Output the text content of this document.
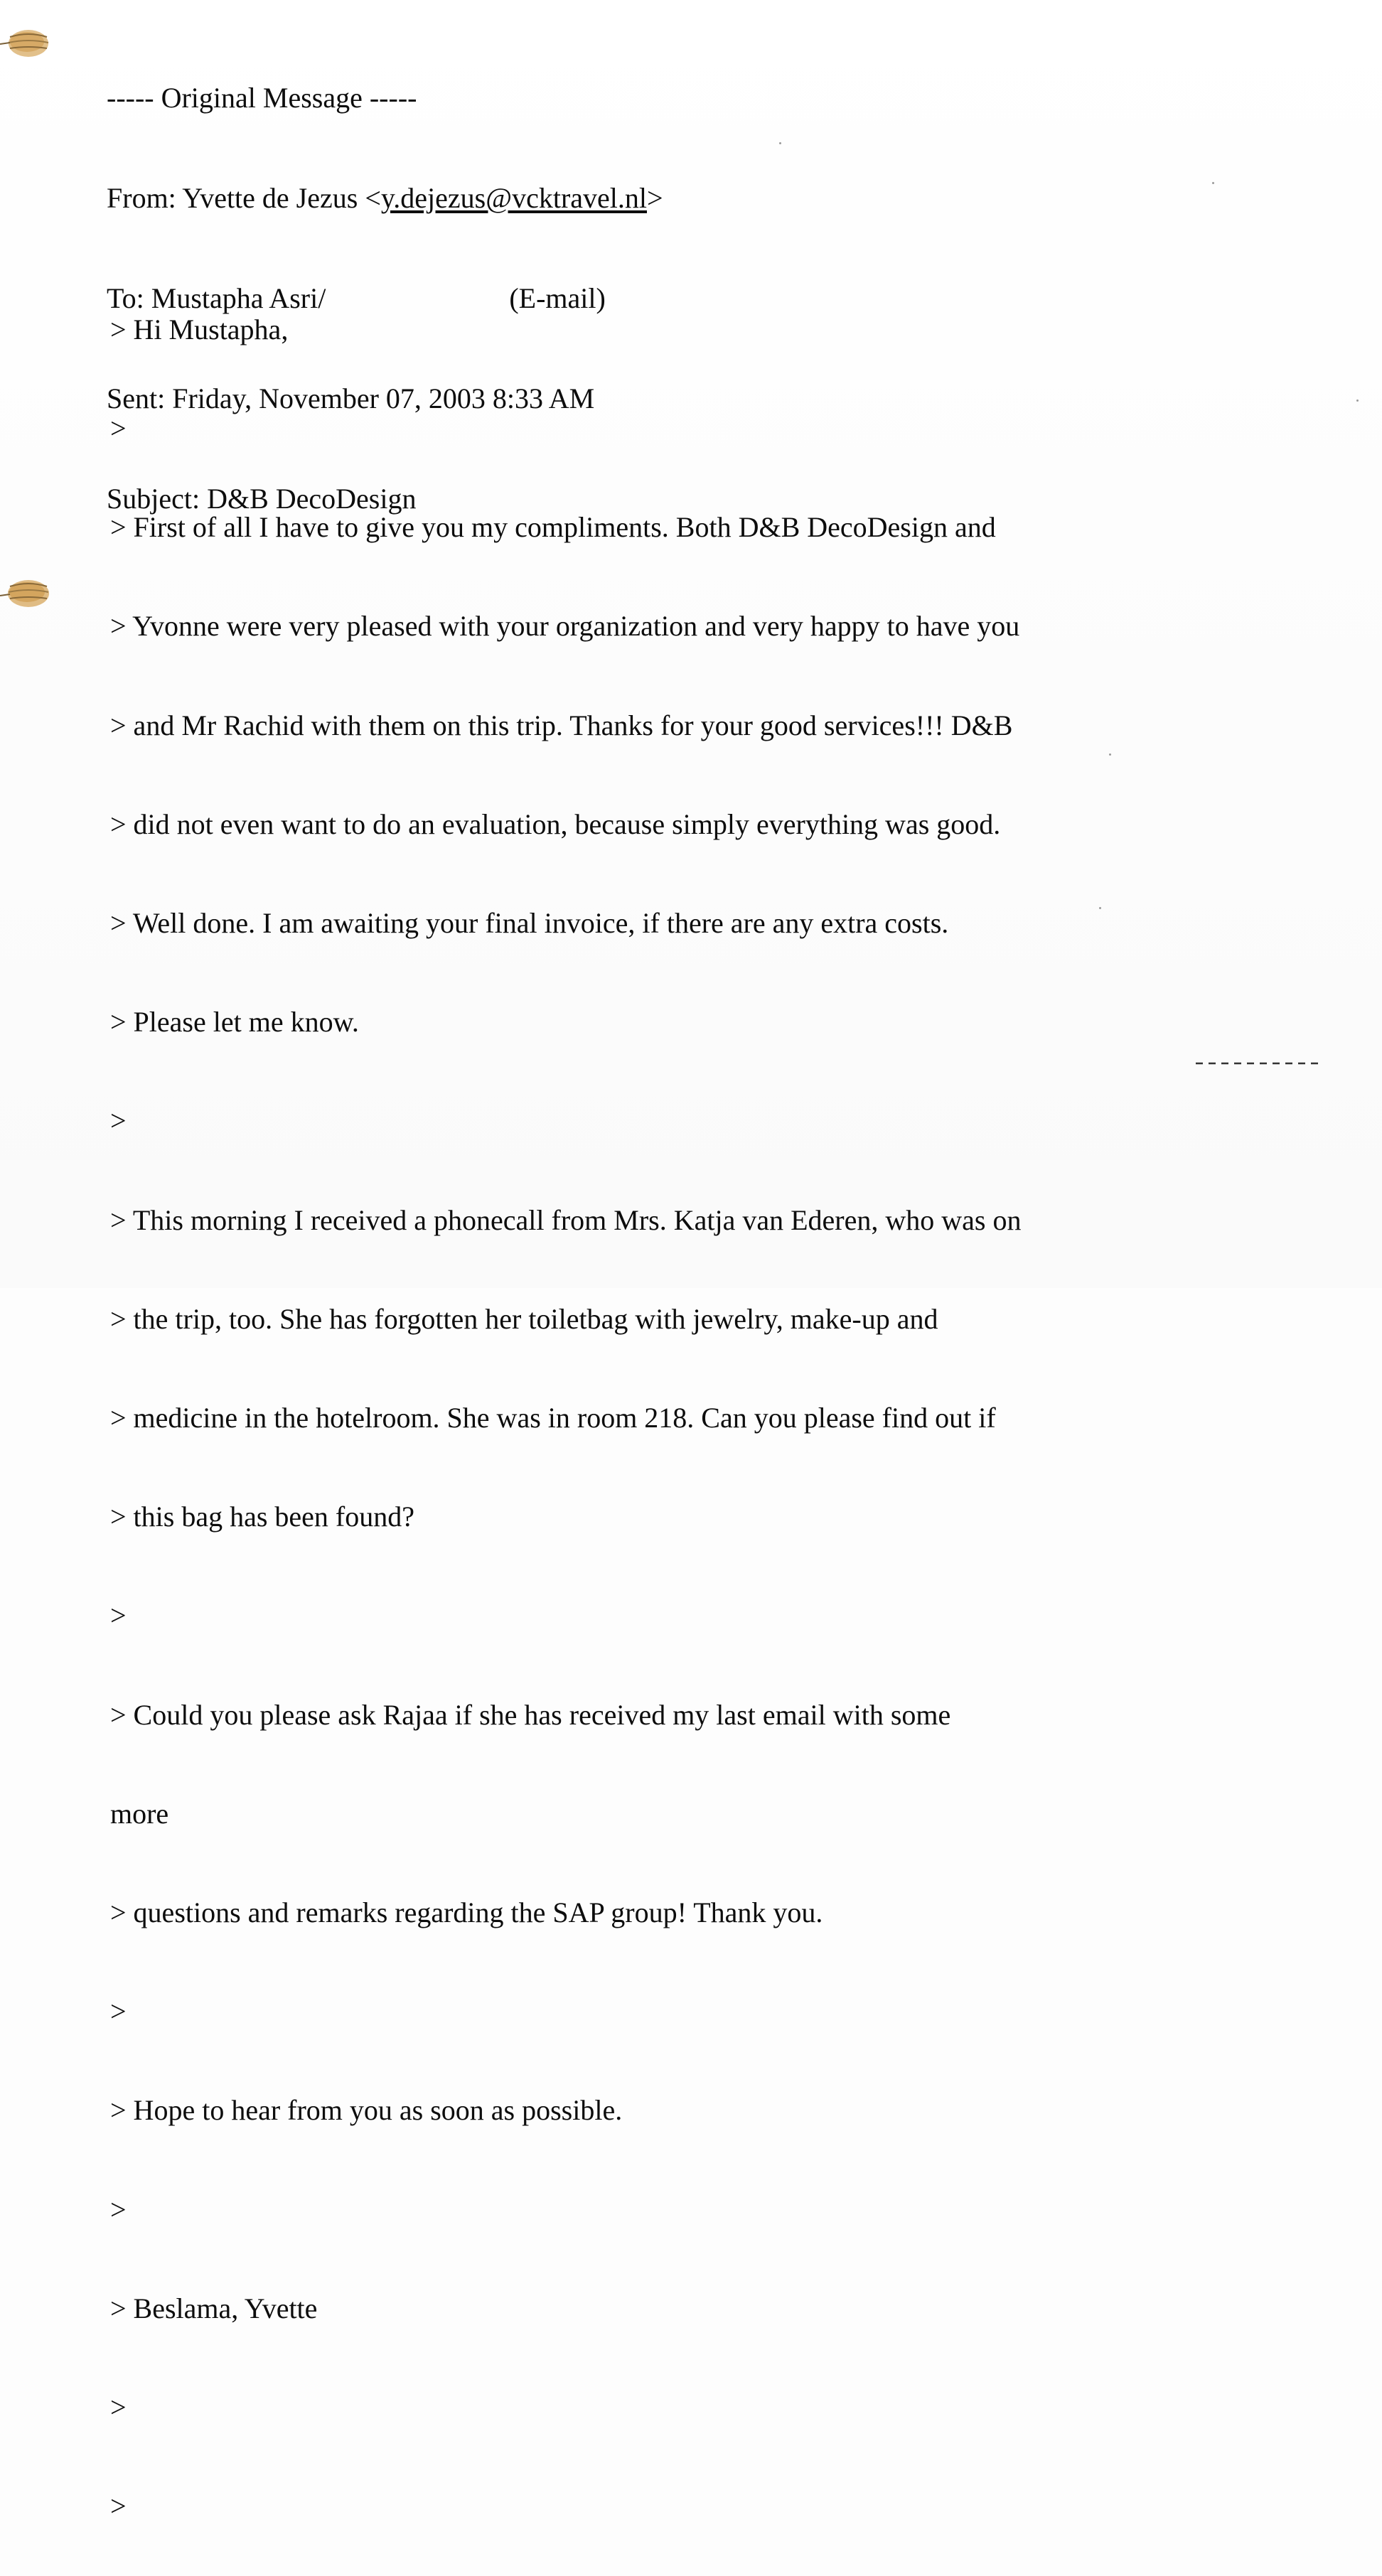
----- Original Message -----

From: Yvette de Jezus <y.dejezus@vcktravel.nl>

To: Mustapha Asri/	(E-mail)

Sent: Friday, November 07, 2003 8:33 AM

Subject: D&B DecoDesign

> Hi Mustapha,

>

> First of all I have to give you my compliments. Both D&B DecoDesign and

> Yvonne were very pleased with your organization and very happy to have you

> and Mr Rachid with them on this trip. Thanks for your good services!!! D&B

> did not even want to do an evaluation, because simply everything was good.

> Well done. I am awaiting your final invoice, if there are any extra costs.

> Please let me know.

>

> This morning I received a phonecall from Mrs. Katja van Ederen, who was on

> the trip, too. She has forgotten her toiletbag with jewelry, make-up and

> medicine in the hotelroom. She was in room 218. Can you please find out if

> this bag has been found?

>

> Could you please ask Rajaa if she has received my last email with some

more

> questions and remarks regarding the SAP group! Thank you.

>

> Hope to hear from you as soon as possible.

>

> Beslama, Yvette

>

>
